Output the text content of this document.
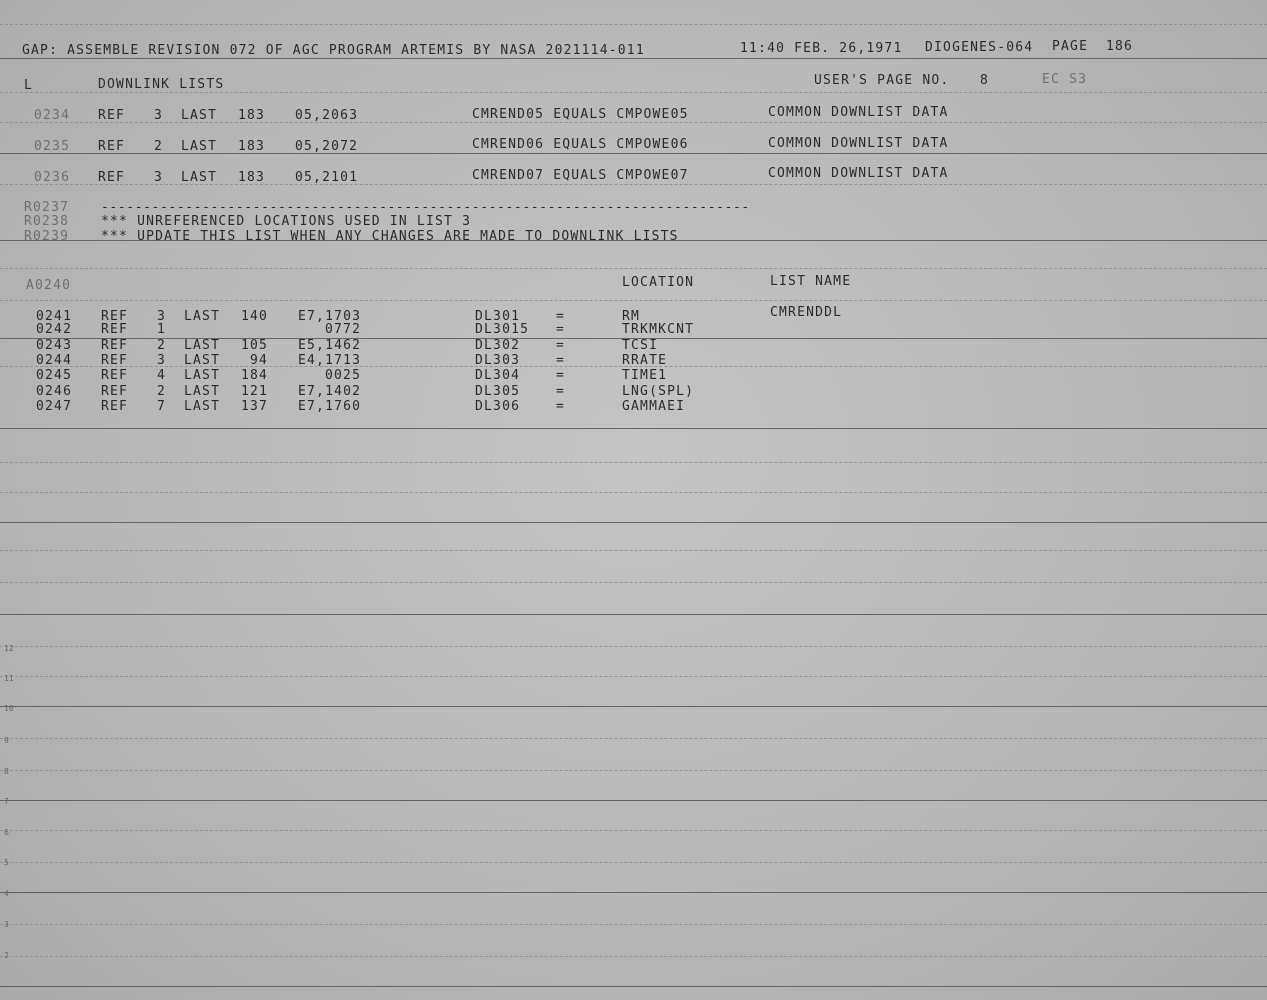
12
11
10
9
8
7
6
5
4
3
2
GAP: ASSEMBLE REVISION 072 OF AGC PROGRAM ARTEMIS BY NASA 2021114-011	11:40 FEB. 26,1971 DIOGENES-064 PAGE 186
L	DOWNLINK LISTS	USER'S PAGE NO. 8	EC S3
0234 REF 3 LAST 183 05,2063	CMREND05 EQUALS CMPOWE05	COMMON DOWNLIST DATA
0235 REF 2 LAST 183 05,2072	CMREND06 EQUALS CMPOWE06	COMMON DOWNLIST DATA
0236 REF 3 LAST 183 05,2101	CMREND07 EQUALS CMPOWE07	COMMON DOWNLIST DATA
R0237 -----------------------------------------------------------------------------
R0238 *** UNREFERENCED LOCATIONS USED IN LIST 3
R0239 *** UPDATE THIS LIST WHEN ANY CHANGES ARE MADE TO DOWNLINK LISTS
A0240	LOCATION	LIST NAME
0241 REF 3 LAST 140 E7,1703	DL301	=	RM	CMRENDDL
0242 REF 1	0772	DL3015 =	TRKMKCNT
0243 REF 2 LAST 105 E5,1462	DL302	=	TCSI
0244 REF 3 LAST 94 E4,1713	DL303	=	RRATE
0245 REF 4 LAST 184	0025	DL304	=	TIME1
0246 REF 2 LAST 121 E7,1402	DL305	=	LNG(SPL)
0247 REF 7 LAST 137 E7,1760	DL306	=	GAMMAEI
